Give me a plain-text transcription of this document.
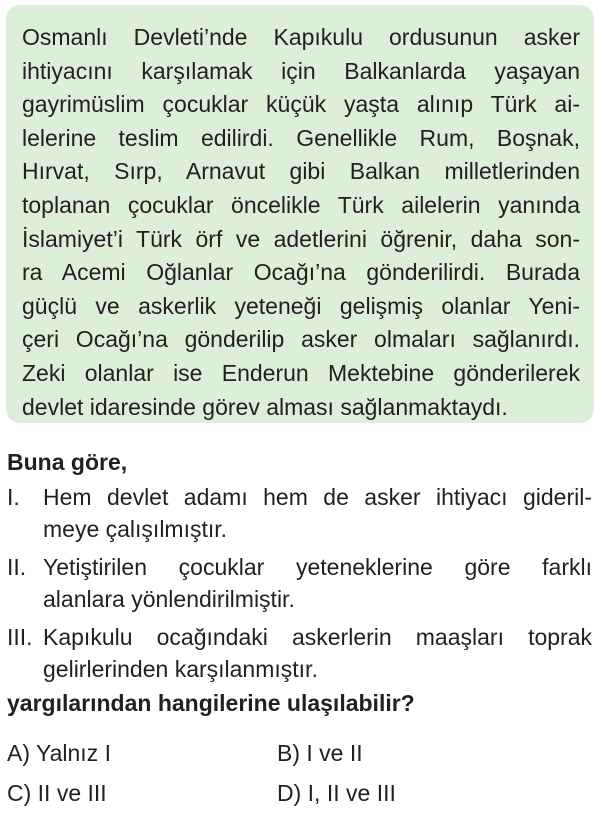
Osmanlı Devleti’nde Kapıkulu ordusunun asker
ihtiyacını karşılamak için Balkanlarda yaşayan
gayrimüslim çocuklar küçük yaşta alınıp Türk ai-
lelerine teslim edilirdi. Genellikle Rum, Boşnak,
Hırvat, Sırp, Arnavut gibi Balkan milletlerinden
toplanan çocuklar öncelikle Türk ailelerin yanında
İslamiyet’i Türk örf ve adetlerini öğrenir, daha son-
ra Acemi Oğlanlar Ocağı’na gönderilirdi. Burada
güçlü ve askerlik yeteneği gelişmiş olanlar Yeni-
çeri Ocağı’na gönderilip asker olmaları sağlanırdı.
Zeki olanlar ise Enderun Mektebine gönderilerek
devlet idaresinde görev alması sağlanmaktaydı.

Buna göre,

I. Hem devlet adamı hem de asker ihtiyacı gideril-
meye çalışılmıştır.
II. Yetiştirilen çocuklar yeteneklerine göre farklı
alanlara yönlendirilmiştir.
III. Kapıkulu ocağındaki askerlerin maaşları toprak
gelirlerinden karşılanmıştır.

yargılarından hangilerine ulaşılabilir?

A) Yalnız I	B) I ve II
C) II ve III	D) I, II ve III
